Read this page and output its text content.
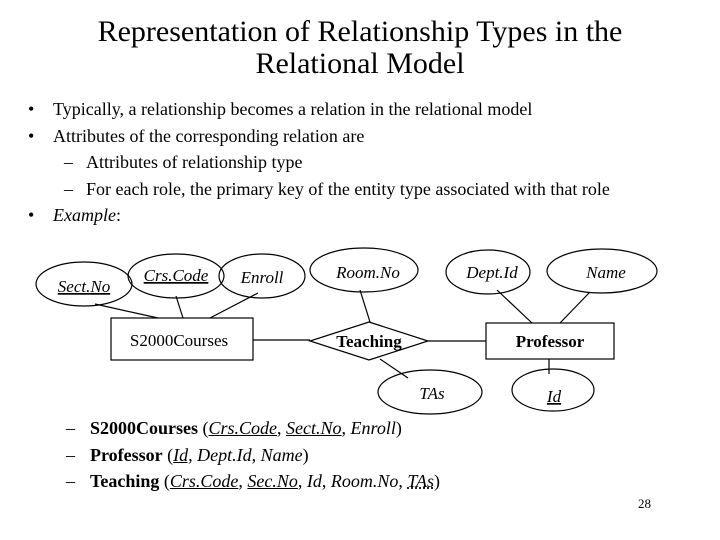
Representation of Relationship Types in the
Relational Model
• Typically, a relationship becomes a relation in the relational model
• Attributes of the corresponding relation are
– Attributes of relationship type
– For each role, the primary key of the entity type associated with that role
• Example:
Sect.No
Crs.Code Enroll	Room.No	Dept.Id	Name
TAs	Id
S2000Courses	Professor
Teaching
– S2000Courses (Crs.Code, Sect.No, Enroll)
– Professor (Id, Dept.Id, Name)
– Teaching (Crs.Code, Sec.No, Id, Room.No, TAs)
28
